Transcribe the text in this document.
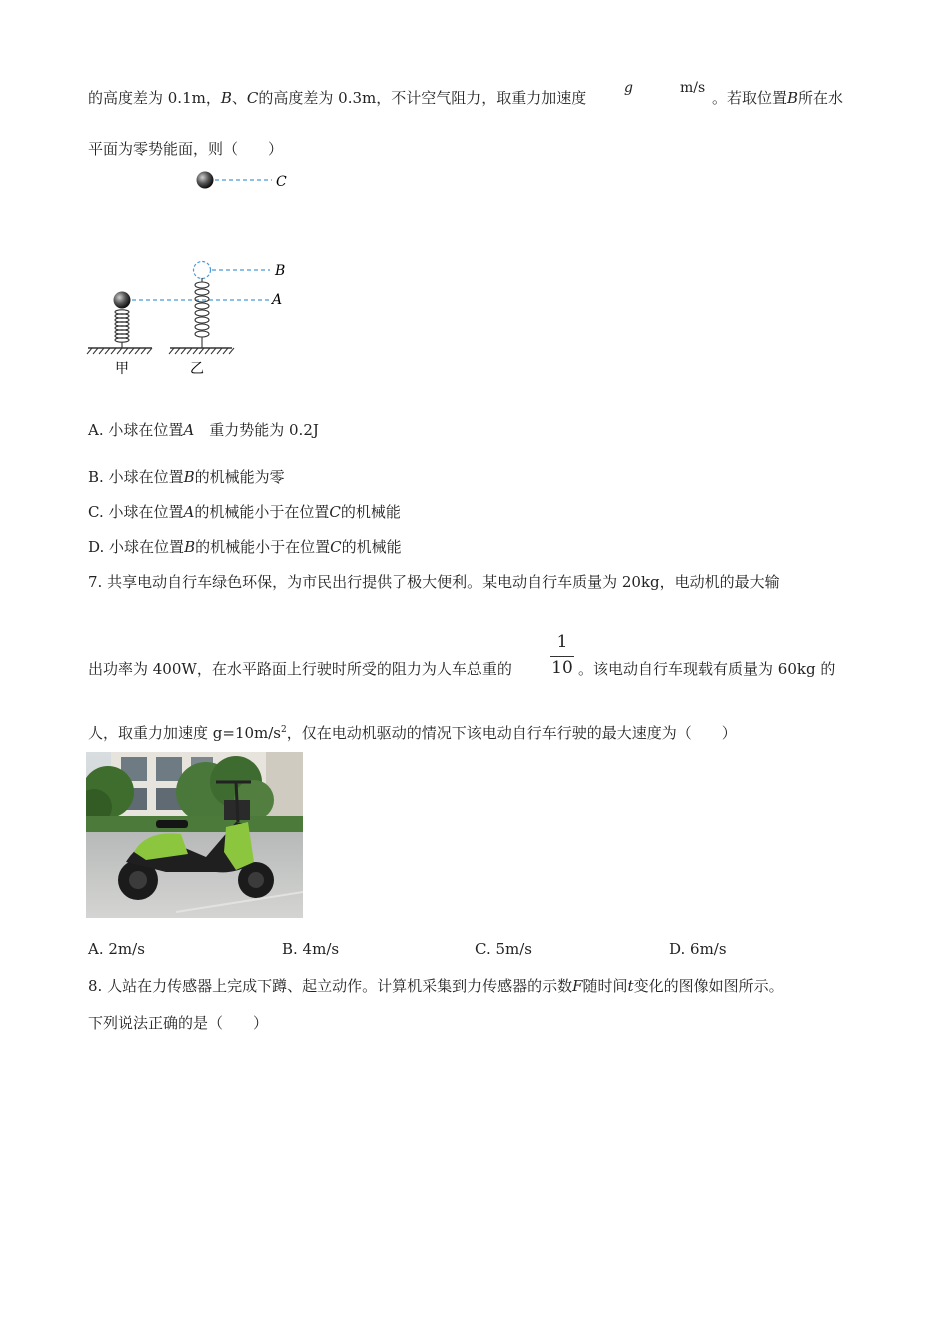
的高度差为 0.1m，B、C的高度差为 0.3m，不计空气阻力，取重力加速度
g	m/s
。若取位置B所在水
平面为零势能面，则（　　）
C
B
A
甲	乙
A. 小球在位置A　重力势能为 0.2J
B. 小球在位置B的机械能为零
C. 小球在位置A的机械能小于在位置C的机械能
D. 小球在位置B的机械能小于在位置C的机械能
7. 共享电动自行车绿色环保，为市民出行提供了极大便利。某电动自行车质量为 20kg，电动机的最大输
出功率为 400W，在水平路面上行驶时所受的阻力为人车总重的 $\frac{1}{10}$ 。该电动自行车现载有质量为 60kg 的
人，取重力加速度 $g=10m/s^2$，仅在电动机驱动的情况下该电动自行车行驶的最大速度为（　　）
A. 2m/s	B. 4m/s	C. 5m/s	D. 6m/s
8. 人站在力传感器上完成下蹲、起立动作。计算机采集到力传感器的示数F随时间t变化的图像如图所示。
下列说法正确的是（　　）
